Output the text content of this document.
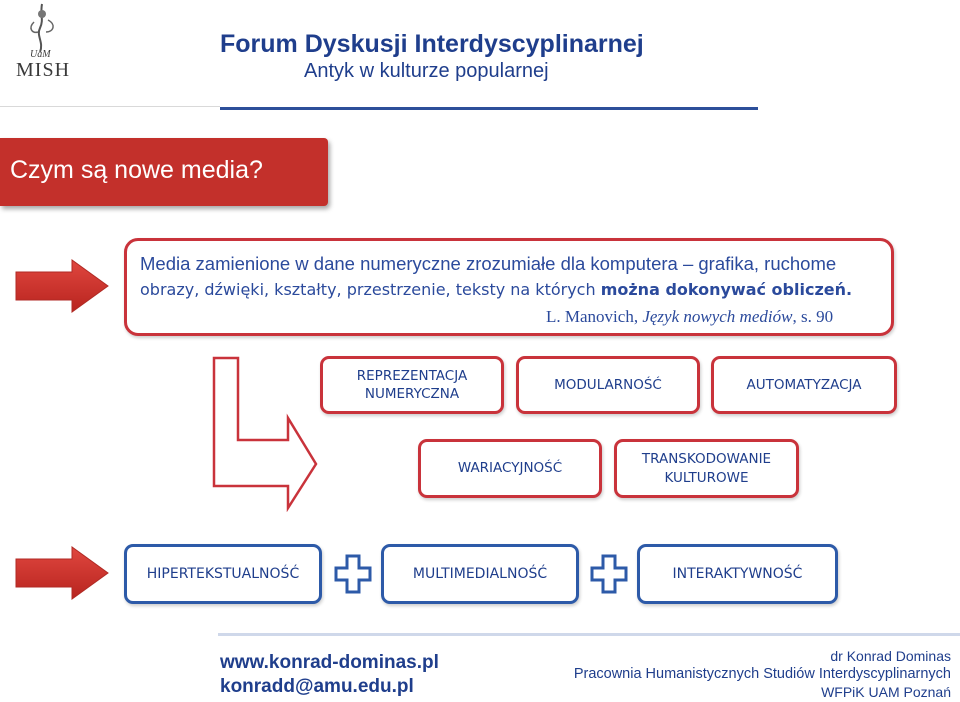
UaM
MISH
Forum Dyskusji Interdyscyplinarnej
Antyk w kulturze popularnej
Czym są nowe media?
Media zamienione w dane numeryczne zrozumiałe dla komputera – grafika, ruchome
obrazy, dźwięki, kształty, przestrzenie, teksty na których można dokonywać obliczeń.
L. Manovich, Język nowych mediów, s. 90
REPREZENTACJA NUMERYCZNA
MODULARNOŚĆ	AUTOMATYZACJA
WARIACYJNOŚĆ
TRANSKODOWANIE KULTUROWE
HIPERTEKSTUALNOŚĆ	MULTIMEDIALNOŚĆ	INTERAKTYWNOŚĆ
www.konrad-dominas.pl
konradd@amu.edu.pl
dr Konrad Dominas
Pracownia Humanistycznych Studiów Interdyscyplinarnych
WFPiK UAM Poznań
